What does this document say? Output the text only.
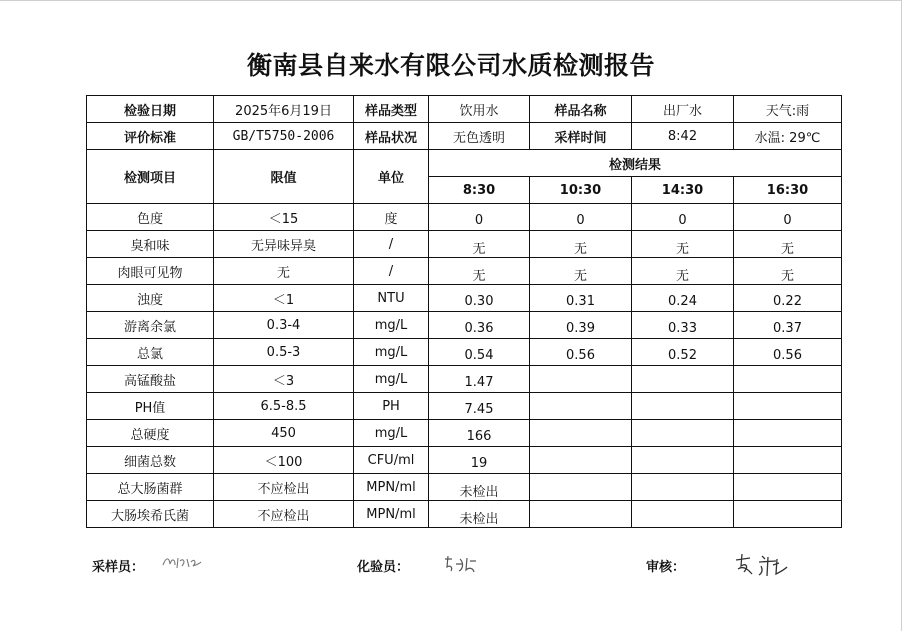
衡南县自来水有限公司水质检测报告
检验日期	2025年6月19日	样品类型	饮用水	样品名称	出厂水	天气:雨
评价标准	GB/T5750-2006	样品状况	无色透明	采样时间	8:42	水温: 29℃
检测项目	限值	单位	检测结果			
			8:30	10:30	14:30	16:30
色度	＜15	度	0	0	0	0
臭和味	无异味异臭	/	无	无	无	无
肉眼可见物	无	/	无	无	无	无
浊度	＜1	NTU	0.30	0.31	0.24	0.22
游离余氯	0.3-4	mg/L	0.36	0.39	0.33	0.37
总氯	0.5-3	mg/L	0.54	0.56	0.52	0.56
高锰酸盐	＜3	mg/L	1.47			
PH值	6.5-8.5	PH	7.45			
总硬度	450	mg/L	166			
细菌总数	＜100	CFU/ml	19			
总大肠菌群	不应检出	MPN/ml	未检出			
大肠埃希氏菌	不应检出	MPN/ml	未检出			
采样员：	化验员：	审核：
